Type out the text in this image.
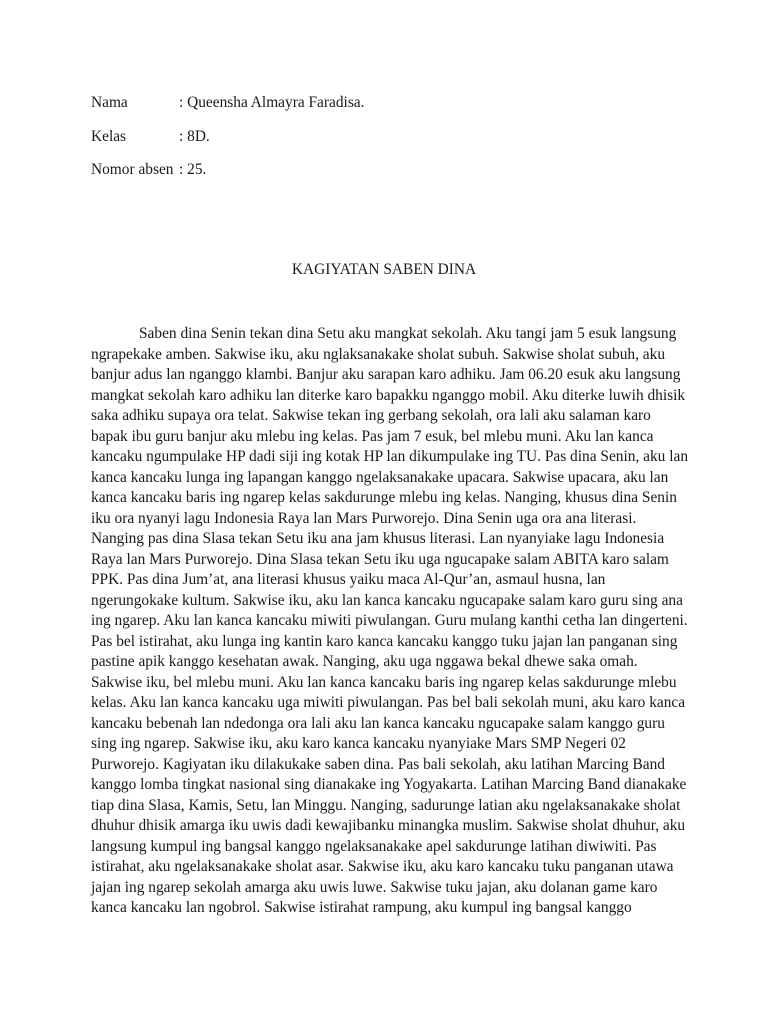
Nama	: Queensha Almayra Faradisa.
Kelas	: 8D.
Nomor absen : 25.
KAGIYATAN SABEN DINA
Saben dina Senin tekan dina Setu aku mangkat sekolah. Aku tangi jam 5 esuk langsung
ngrapekake amben. Sakwise iku, aku nglaksanakake sholat subuh. Sakwise sholat subuh, aku
banjur adus lan nganggo klambi. Banjur aku sarapan karo adhiku. Jam 06.20 esuk aku langsung
mangkat sekolah karo adhiku lan diterke karo bapakku nganggo mobil. Aku diterke luwih dhisik
saka adhiku supaya ora telat. Sakwise tekan ing gerbang sekolah, ora lali aku salaman karo
bapak ibu guru banjur aku mlebu ing kelas. Pas jam 7 esuk, bel mlebu muni. Aku lan kanca
kancaku ngumpulake HP dadi siji ing kotak HP lan dikumpulake ing TU. Pas dina Senin, aku lan
kanca kancaku lunga ing lapangan kanggo ngelaksanakake upacara. Sakwise upacara, aku lan
kanca kancaku baris ing ngarep kelas sakdurunge mlebu ing kelas. Nanging, khusus dina Senin
iku ora nyanyi lagu Indonesia Raya lan Mars Purworejo. Dina Senin uga ora ana literasi.
Nanging pas dina Slasa tekan Setu iku ana jam khusus literasi. Lan nyanyiake lagu Indonesia
Raya lan Mars Purworejo. Dina Slasa tekan Setu iku uga ngucapake salam ABITA karo salam
PPK. Pas dina Jum’at, ana literasi khusus yaiku maca Al-Qur’an, asmaul husna, lan
ngerungokake kultum. Sakwise iku, aku lan kanca kancaku ngucapake salam karo guru sing ana
ing ngarep. Aku lan kanca kancaku miwiti piwulangan. Guru mulang kanthi cetha lan dingerteni.
Pas bel istirahat, aku lunga ing kantin karo kanca kancaku kanggo tuku jajan lan panganan sing
pastine apik kanggo kesehatan awak. Nanging, aku uga nggawa bekal dhewe saka omah.
Sakwise iku, bel mlebu muni. Aku lan kanca kancaku baris ing ngarep kelas sakdurunge mlebu
kelas. Aku lan kanca kancaku uga miwiti piwulangan. Pas bel bali sekolah muni, aku karo kanca
kancaku bebenah lan ndedonga ora lali aku lan kanca kancaku ngucapake salam kanggo guru
sing ing ngarep. Sakwise iku, aku karo kanca kancaku nyanyiake Mars SMP Negeri 02
Purworejo. Kagiyatan iku dilakukake saben dina. Pas bali sekolah, aku latihan Marcing Band
kanggo lomba tingkat nasional sing dianakake ing Yogyakarta. Latihan Marcing Band dianakake
tiap dina Slasa, Kamis, Setu, lan Minggu. Nanging, sadurunge latian aku ngelaksanakake sholat
dhuhur dhisik amarga iku uwis dadi kewajibanku minangka muslim. Sakwise sholat dhuhur, aku
langsung kumpul ing bangsal kanggo ngelaksanakake apel sakdurunge latihan diwiwiti. Pas
istirahat, aku ngelaksanakake sholat asar. Sakwise iku, aku karo kancaku tuku panganan utawa
jajan ing ngarep sekolah amarga aku uwis luwe. Sakwise tuku jajan, aku dolanan game karo
kanca kancaku lan ngobrol. Sakwise istirahat rampung, aku kumpul ing bangsal kanggo
